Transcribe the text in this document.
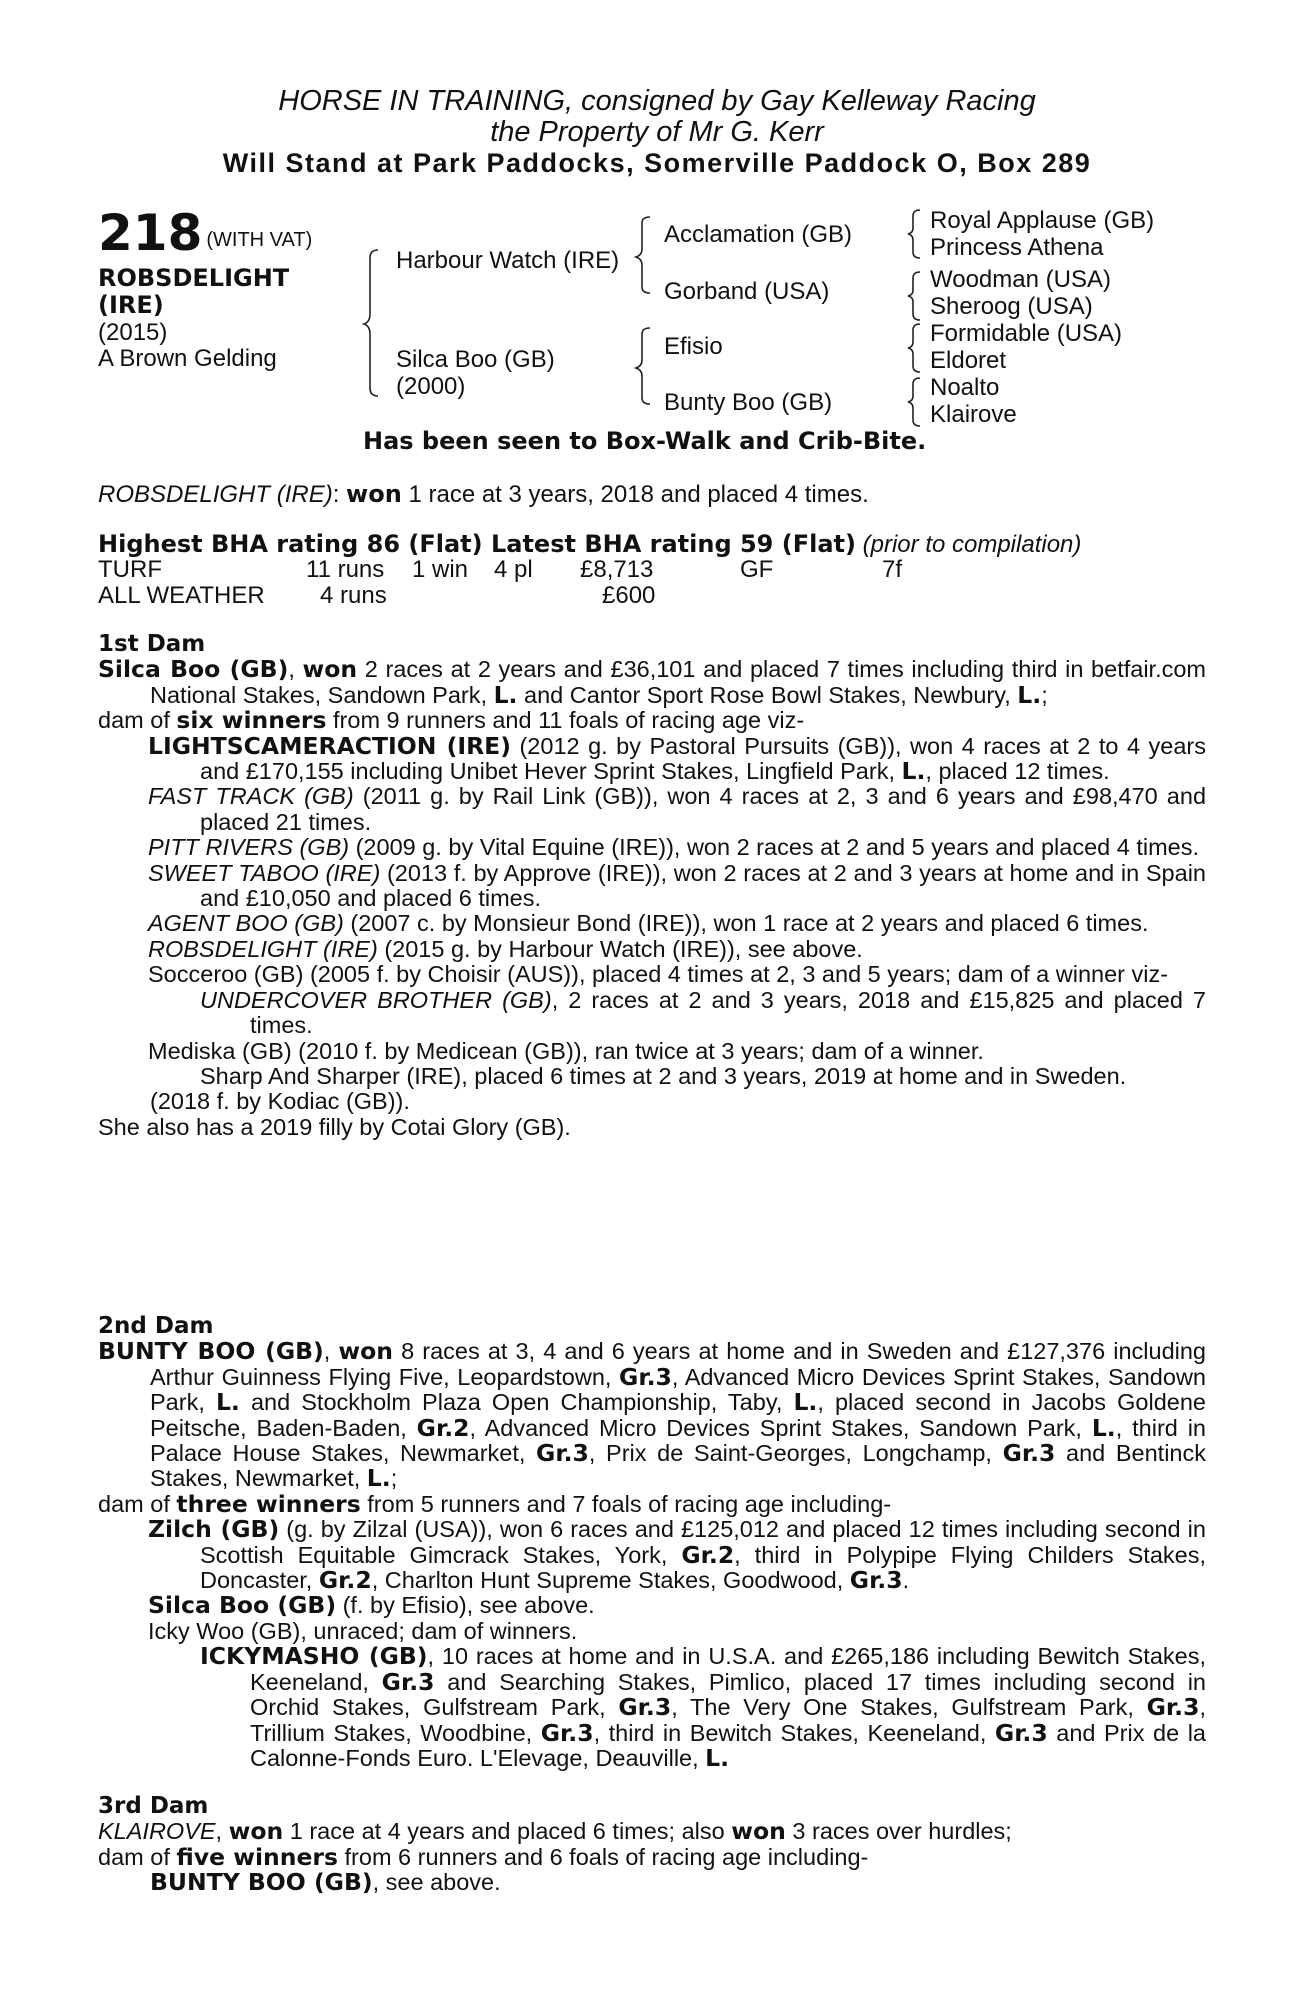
HORSE IN TRAINING, consigned by Gay Kelleway Racing
the Property of Mr G. Kerr
Will Stand at Park Paddocks, Somerville Paddock O, Box 289
218 (WITH VAT)
ROBSDELIGHT
(IRE)
(2015)
A Brown Gelding
Harbour Watch (IRE)
Silca Boo (GB)
(2000)
Acclamation (GB)
Gorband (USA)
Efisio
Bunty Boo (GB)
Royal Applause (GB)
Princess Athena
Woodman (USA)
Sheroog (USA)
Formidable (USA)
Eldoret
Noalto
Klairove
Has been seen to Box-Walk and Crib-Bite.
ROBSDELIGHT (IRE): won 1 race at 3 years, 2018 and placed 4 times.
Highest BHA rating 86 (Flat) Latest BHA rating 59 (Flat) (prior to compilation)
TURF	11 runs 1 win 4 pl £8,713	GF	7f
ALL WEATHER 4 runs	£600

1st Dam

Silca Boo (GB), won 2 races at 2 years and £36,101 and placed 7 times including third in betfair.com National Stakes, Sandown Park, L. and Cantor Sport Rose Bowl Stakes, Newbury, L.;

dam of six winners from 9 runners and 11 foals of racing age viz-

LIGHTSCAMERACTION (IRE) (2012 g. by Pastoral Pursuits (GB)), won 4 races at 2 to 4 years and £170,155 including Unibet Hever Sprint Stakes, Lingfield Park, L., placed 12 times.

FAST TRACK (GB) (2011 g. by Rail Link (GB)), won 4 races at 2, 3 and 6 years and £98,470 and placed 21 times.

PITT RIVERS (GB) (2009 g. by Vital Equine (IRE)), won 2 races at 2 and 5 years and placed 4 times.

SWEET TABOO (IRE) (2013 f. by Approve (IRE)), won 2 races at 2 and 3 years at home and in Spain and £10,050 and placed 6 times.

AGENT BOO (GB) (2007 c. by Monsieur Bond (IRE)), won 1 race at 2 years and placed 6 times.

ROBSDELIGHT (IRE) (2015 g. by Harbour Watch (IRE)), see above.

Socceroo (GB) (2005 f. by Choisir (AUS)), placed 4 times at 2, 3 and 5 years; dam of a winner viz-

UNDERCOVER BROTHER (GB), 2 races at 2 and 3 years, 2018 and £15,825 and placed 7 times.

Mediska (GB) (2010 f. by Medicean (GB)), ran twice at 3 years; dam of a winner.

Sharp And Sharper (IRE), placed 6 times at 2 and 3 years, 2019 at home and in Sweden.

(2018 f. by Kodiac (GB)).

She also has a 2019 filly by Cotai Glory (GB).

2nd Dam

BUNTY BOO (GB), won 8 races at 3, 4 and 6 years at home and in Sweden and £127,376 including Arthur Guinness Flying Five, Leopardstown, Gr.3, Advanced Micro Devices Sprint Stakes, Sandown Park, L. and Stockholm Plaza Open Championship, Taby, L., placed second in Jacobs Goldene Peitsche, Baden-Baden, Gr.2, Advanced Micro Devices Sprint Stakes, Sandown Park, L., third in Palace House Stakes, Newmarket, Gr.3, Prix de Saint-Georges, Longchamp, Gr.3 and Bentinck Stakes, Newmarket, L.;

dam of three winners from 5 runners and 7 foals of racing age including-

Zilch (GB) (g. by Zilzal (USA)), won 6 races and £125,012 and placed 12 times including second in Scottish Equitable Gimcrack Stakes, York, Gr.2, third in Polypipe Flying Childers Stakes, Doncaster, Gr.2, Charlton Hunt Supreme Stakes, Goodwood, Gr.3.

Silca Boo (GB) (f. by Efisio), see above.

Icky Woo (GB), unraced; dam of winners.

ICKYMASHO (GB), 10 races at home and in U.S.A. and £265,186 including Bewitch Stakes, Keeneland, Gr.3 and Searching Stakes, Pimlico, placed 17 times including second in Orchid Stakes, Gulfstream Park, Gr.3, The Very One Stakes, Gulfstream Park, Gr.3, Trillium Stakes, Woodbine, Gr.3, third in Bewitch Stakes, Keeneland, Gr.3 and Prix de la Calonne-Fonds Euro. L'Elevage, Deauville, L.

3rd Dam

KLAIROVE, won 1 race at 4 years and placed 6 times; also won 3 races over hurdles;

dam of five winners from 6 runners and 6 foals of racing age including-

BUNTY BOO (GB), see above.
